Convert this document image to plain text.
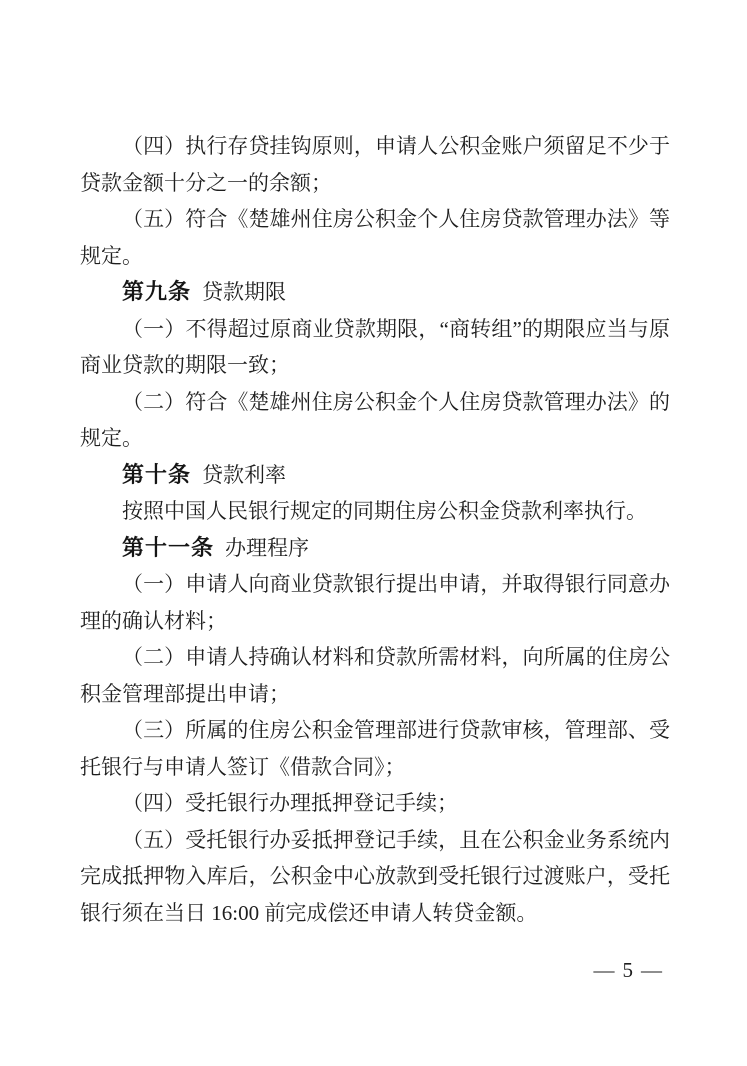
（四）执行存贷挂钩原则，申请人公积金账户须留足不少于贷款金额十分之一的余额；

（五）符合《楚雄州住房公积金个人住房贷款管理办法》等规定。

第九条 贷款期限

（一）不得超过原商业贷款期限，“商转组”的期限应当与原商业贷款的期限一致；

（二）符合《楚雄州住房公积金个人住房贷款管理办法》的规定。

第十条 贷款利率

按照中国人民银行规定的同期住房公积金贷款利率执行。

第十一条 办理程序

（一）申请人向商业贷款银行提出申请，并取得银行同意办理的确认材料；

（二）申请人持确认材料和贷款所需材料，向所属的住房公积金管理部提出申请；

（三）所属的住房公积金管理部进行贷款审核，管理部、受托银行与申请人签订《借款合同》；

（四）受托银行办理抵押登记手续；

（五）受托银行办妥抵押登记手续，且在公积金业务系统内完成抵押物入库后，公积金中心放款到受托银行过渡账户，受托银行须在当日 16:00 前完成偿还申请人转贷金额。

— 5 —
